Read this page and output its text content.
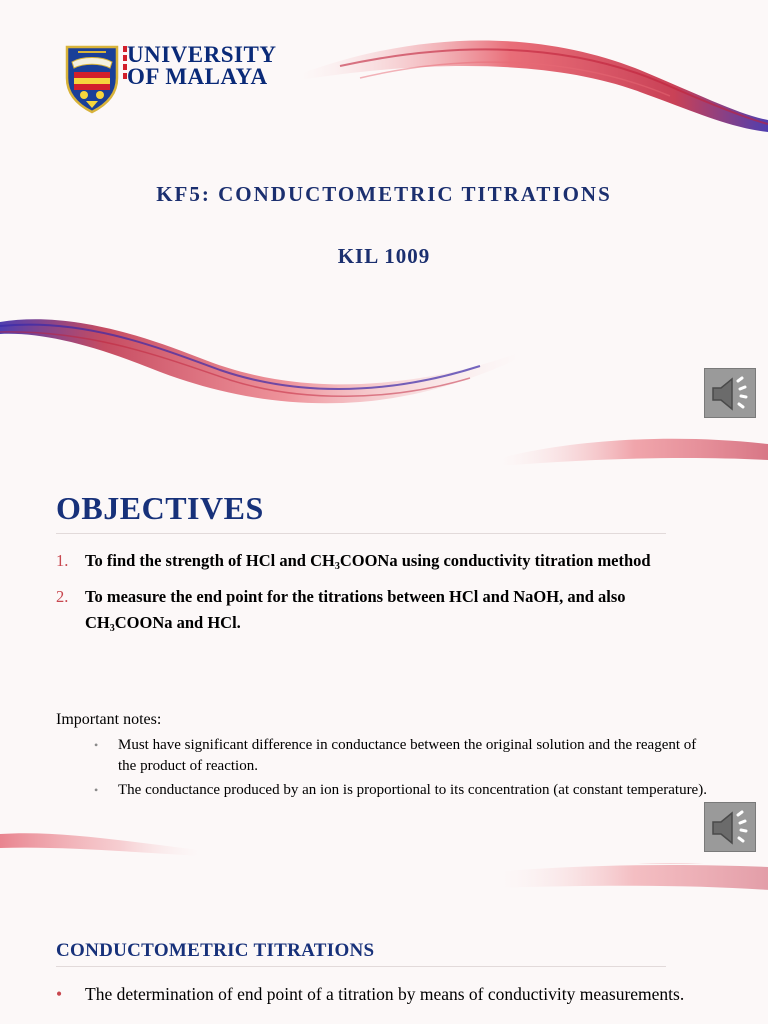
UNIVERSITY
OF MALAYA
KF5: CONDUCTOMETRIC TITRATIONS
KIL 1009
OBJECTIVES
1. To find the strength of HCl and $CH_3COONa$ using conductivity titration method
2. To measure the end point for the titrations between HCl and NaOH, and also $CH_3COONa$ and HCl.
Important notes:
• Must have significant difference in conductance between the original solution and the reagent of the product of reaction.
• The conductance produced by an ion is proportional to its concentration (at constant temperature).
CONDUCTOMETRIC TITRATIONS
• The determination of end point of a titration by means of conductivity measurements.
